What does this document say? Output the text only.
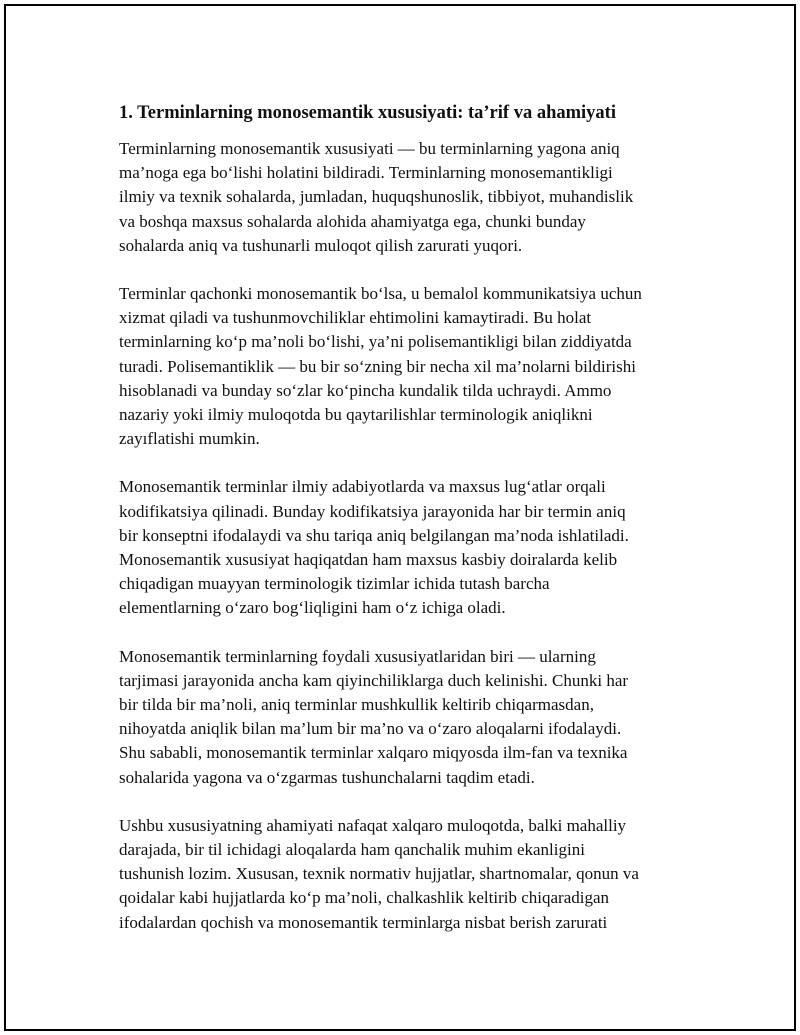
1. Terminlarning monosemantik xususiyati: ta’rif va ahamiyati
Terminlarning monosemantik xususiyati — bu terminlarning yagona aniq
ma’noga ega bo‘lishi holatini bildiradi. Terminlarning monosemantikligi
ilmiy va texnik sohalarda, jumladan, huquqshunoslik, tibbiyot, muhandislik
va boshqa maxsus sohalarda alohida ahamiyatga ega, chunki bunday
sohalarda aniq va tushunarli muloqot qilish zarurati yuqori.
Terminlar qachonki monosemantik bo‘lsa, u bemalol kommunikatsiya uchun
xizmat qiladi va tushunmovchiliklar ehtimolini kamaytiradi. Bu holat
terminlarning ko‘p ma’noli bo‘lishi, ya’ni polisemantikligi bilan ziddiyatda
turadi. Polisemantiklik — bu bir so‘zning bir necha xil ma’nolarni bildirishi
hisoblanadi va bunday so‘zlar ko‘pincha kundalik tilda uchraydi. Ammo
nazariy yoki ilmiy muloqotda bu qaytarilishlar terminologik aniqlikni
zayıflatishi mumkin.
Monosemantik terminlar ilmiy adabiyotlarda va maxsus lug‘atlar orqali
kodifikatsiya qilinadi. Bunday kodifikatsiya jarayonida har bir termin aniq
bir konseptni ifodalaydi va shu tariqa aniq belgilangan ma’noda ishlatiladi.
Monosemantik xususiyat haqiqatdan ham maxsus kasbiy doiralarda kelib
chiqadigan muayyan terminologik tizimlar ichida tutash barcha
elementlarning o‘zaro bog‘liqligini ham o‘z ichiga oladi.
Monosemantik terminlarning foydali xususiyatlaridan biri — ularning
tarjimasi jarayonida ancha kam qiyinchiliklarga duch kelinishi. Chunki har
bir tilda bir ma’noli, aniq terminlar mushkullik keltirib chiqarmasdan,
nihoyatda aniqlik bilan ma’lum bir ma’no va o‘zaro aloqalarni ifodalaydi.
Shu sababli, monosemantik terminlar xalqaro miqyosda ilm-fan va texnika
sohalarida yagona va o‘zgarmas tushunchalarni taqdim etadi.
Ushbu xususiyatning ahamiyati nafaqat xalqaro muloqotda, balki mahalliy
darajada, bir til ichidagi aloqalarda ham qanchalik muhim ekanligini
tushunish lozim. Xususan, texnik normativ hujjatlar, shartnomalar, qonun va
qoidalar kabi hujjatlarda ko‘p ma’noli, chalkashlik keltirib chiqaradigan
ifodalardan qochish va monosemantik terminlarga nisbat berish zarurati
